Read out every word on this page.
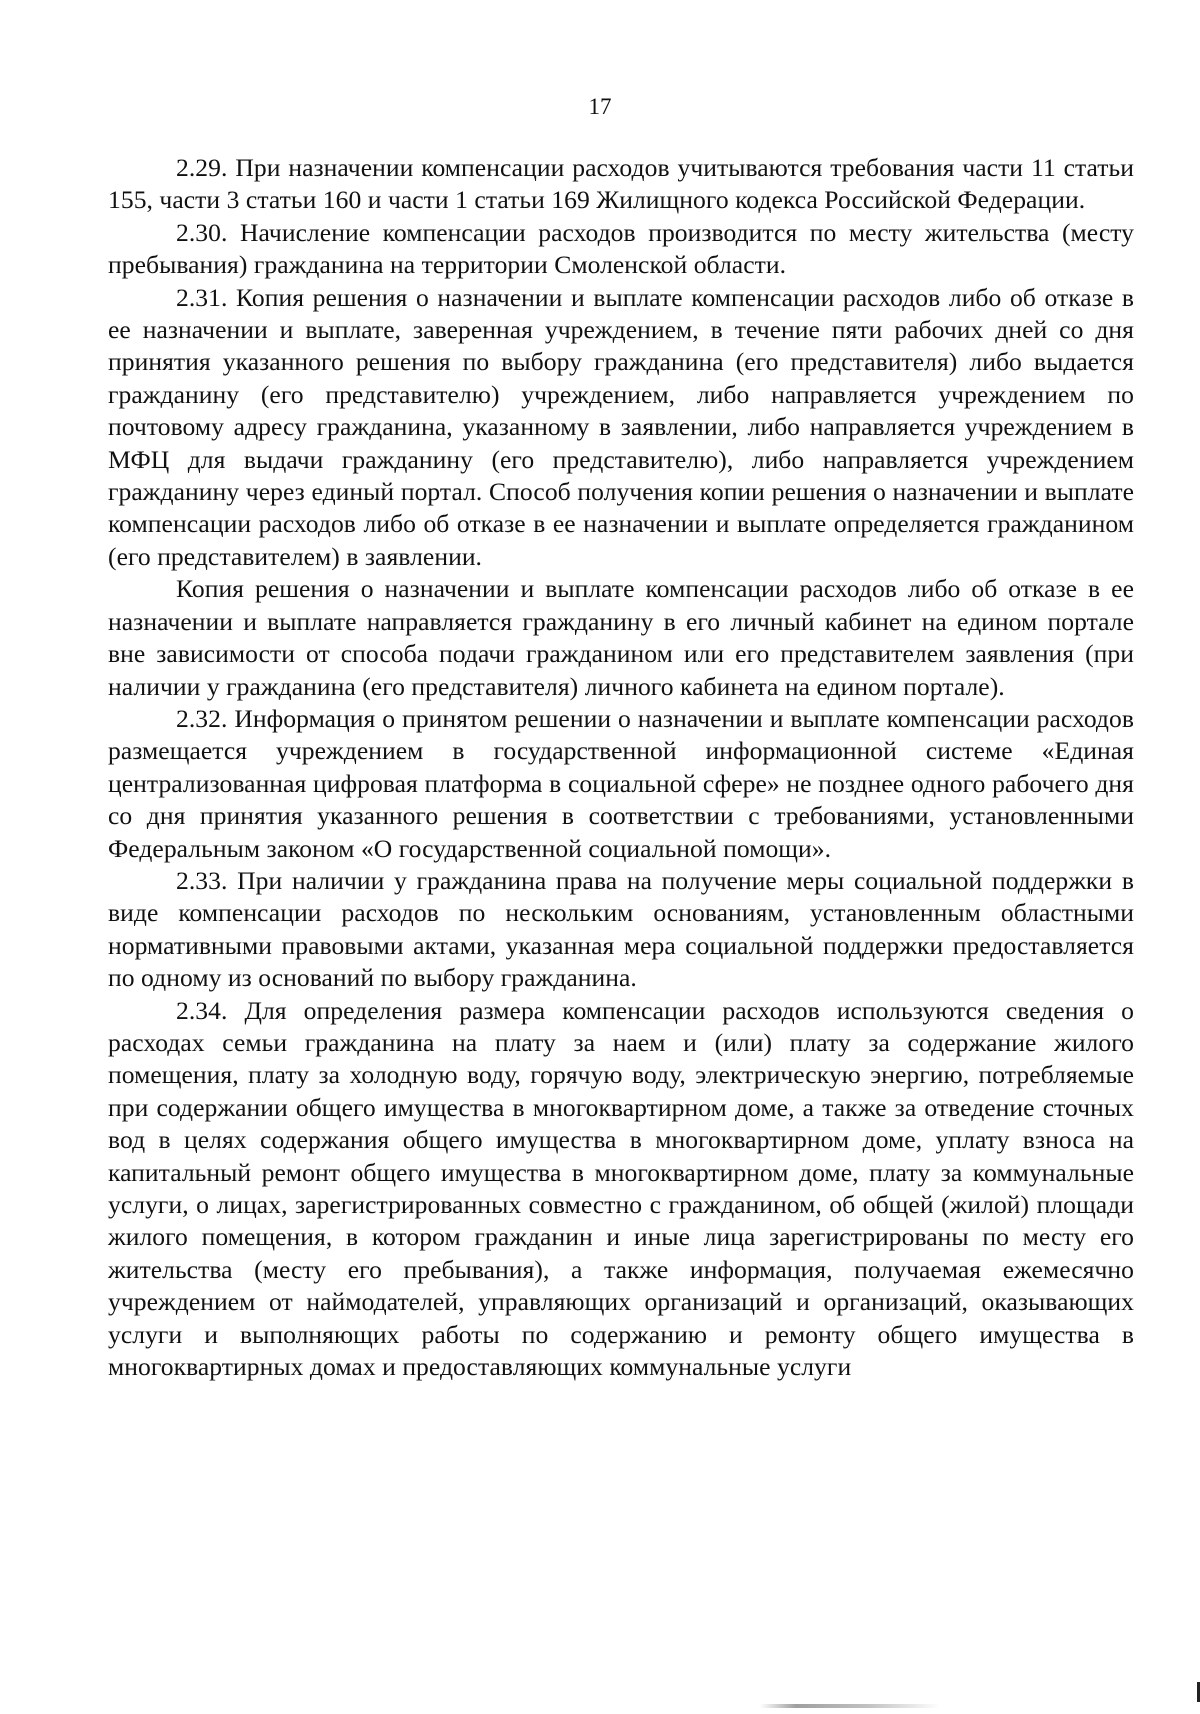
17

2.29. При назначении компенсации расходов учитываются требования части 11 статьи 155, части 3 статьи 160 и части 1 статьи 169 Жилищного кодекса Российской Федерации.

2.30. Начисление компенсации расходов производится по месту жительства (месту пребывания) гражданина на территории Смоленской области.

2.31. Копия решения о назначении и выплате компенсации расходов либо об отказе в ее назначении и выплате, заверенная учреждением, в течение пяти рабочих дней со дня принятия указанного решения по выбору гражданина (его представителя) либо выдается гражданину (его представителю) учреждением, либо направляется учреждением по почтовому адресу гражданина, указанному в заявлении, либо направляется учреждением в МФЦ для выдачи гражданину (его представителю), либо направляется учреждением гражданину через единый портал. Способ получения копии решения о назначении и выплате компенсации расходов либо об отказе в ее назначении и выплате определяется гражданином (его представителем) в заявлении.

Копия решения о назначении и выплате компенсации расходов либо об отказе в ее назначении и выплате направляется гражданину в его личный кабинет на едином портале вне зависимости от способа подачи гражданином или его представителем заявления (при наличии у гражданина (его представителя) личного кабинета на едином портале).

2.32. Информация о принятом решении о назначении и выплате компенсации расходов размещается учреждением в государственной информационной системе «Единая централизованная цифровая платформа в социальной сфере» не позднее одного рабочего дня со дня принятия указанного решения в соответствии с требованиями, установленными Федеральным законом «О государственной социальной помощи».

2.33. При наличии у гражданина права на получение меры социальной поддержки в виде компенсации расходов по нескольким основаниям, установленным областными нормативными правовыми актами, указанная мера социальной поддержки предоставляется по одному из оснований по выбору гражданина.

2.34. Для определения размера компенсации расходов используются сведения о расходах семьи гражданина на плату за наем и (или) плату за содержание жилого помещения, плату за холодную воду, горячую воду, электрическую энергию, потребляемые при содержании общего имущества в многоквартирном доме, а также за отведение сточных вод в целях содержания общего имущества в многоквартирном доме, уплату взноса на капитальный ремонт общего имущества в многоквартирном доме, плату за коммунальные услуги, о лицах, зарегистрированных совместно с гражданином, об общей (жилой) площади жилого помещения, в котором гражданин и иные лица зарегистрированы по месту его жительства (месту его пребывания), а также информация, получаемая ежемесячно учреждением от наймодателей, управляющих организаций и организаций, оказывающих услуги и выполняющих работы по содержанию и ремонту общего имущества в многоквартирных домах и предоставляющих коммунальные услуги
